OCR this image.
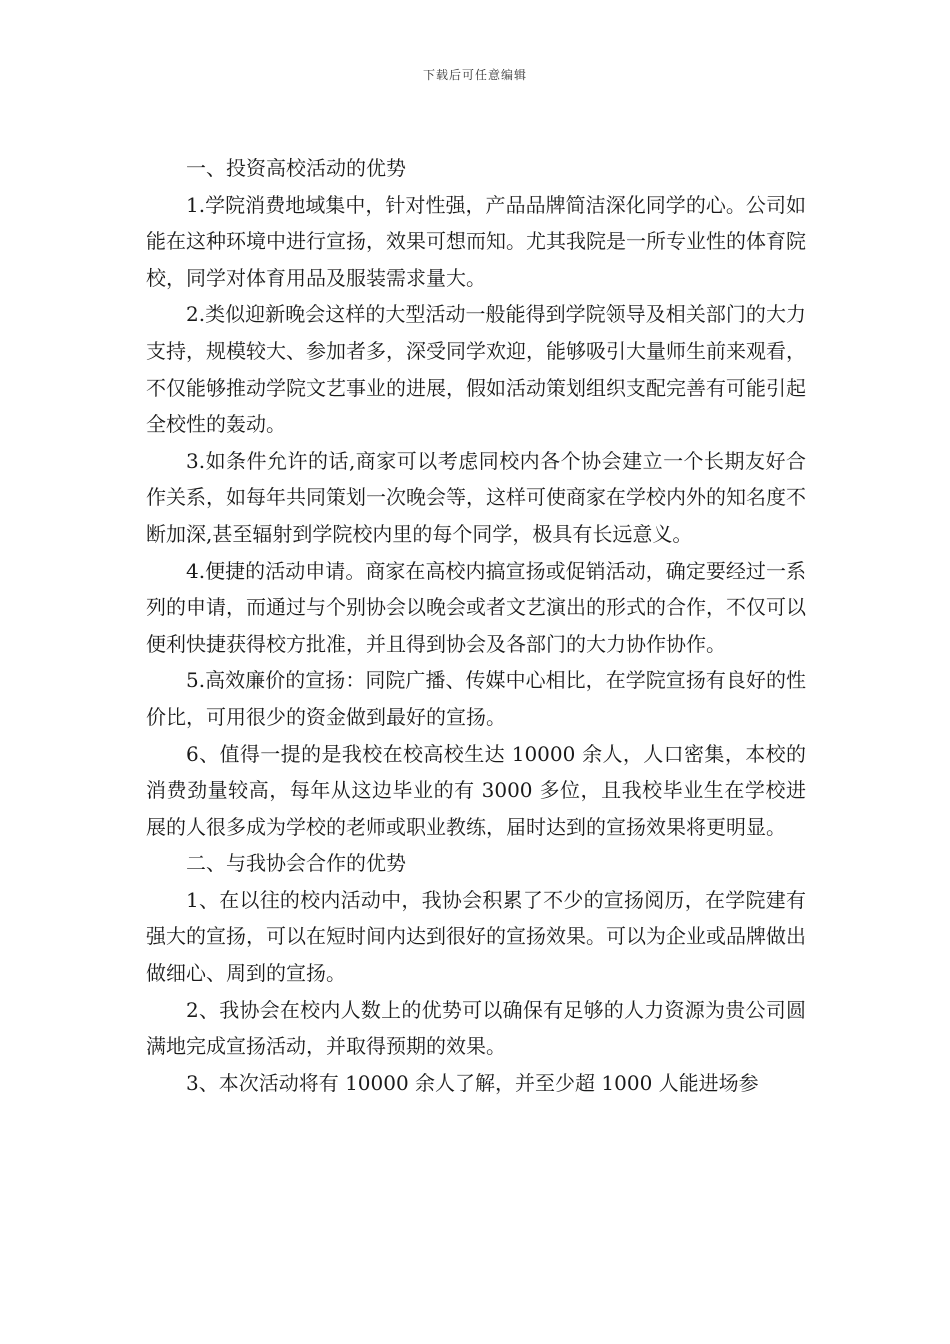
下载后可任意编辑

一、投资高校活动的优势

1.学院消费地域集中，针对性强，产品品牌简洁深化同学的心。公司如能在这种环境中进行宣扬，效果可想而知。尤其我院是一所专业性的体育院校，同学对体育用品及服装需求量大。

2.类似迎新晚会这样的大型活动一般能得到学院领导及相关部门的大力支持，规模较大、参加者多，深受同学欢迎，能够吸引大量师生前来观看，不仅能够推动学院文艺事业的进展，假如活动策划组织支配完善有可能引起全校性的轰动。

3.如条件允许的话,商家可以考虑同校内各个协会建立一个长期友好合作关系，如每年共同策划一次晚会等，这样可使商家在学校内外的知名度不断加深,甚至辐射到学院校内里的每个同学，极具有长远意义。

4.便捷的活动申请。商家在高校内搞宣扬或促销活动，确定要经过一系列的申请，而通过与个别协会以晚会或者文艺演出的形式的合作，不仅可以便利快捷获得校方批准，并且得到协会及各部门的大力协作协作。

5.高效廉价的宣扬：同院广播、传媒中心相比，在学院宣扬有良好的性价比，可用很少的资金做到最好的宣扬。

6、值得一提的是我校在校高校生达 10000 余人，人口密集，本校的消费劲量较高，每年从这边毕业的有 3000 多位，且我校毕业生在学校进展的人很多成为学校的老师或职业教练，届时达到的宣扬效果将更明显。

二、与我协会合作的优势

1、在以往的校内活动中，我协会积累了不少的宣扬阅历，在学院建有强大的宣扬，可以在短时间内达到很好的宣扬效果。可以为企业或品牌做出做细心、周到的宣扬。

2、我协会在校内人数上的优势可以确保有足够的人力资源为贵公司圆满地完成宣扬活动，并取得预期的效果。

3、本次活动将有 10000 余人了解，并至少超 1000 人能进场参
